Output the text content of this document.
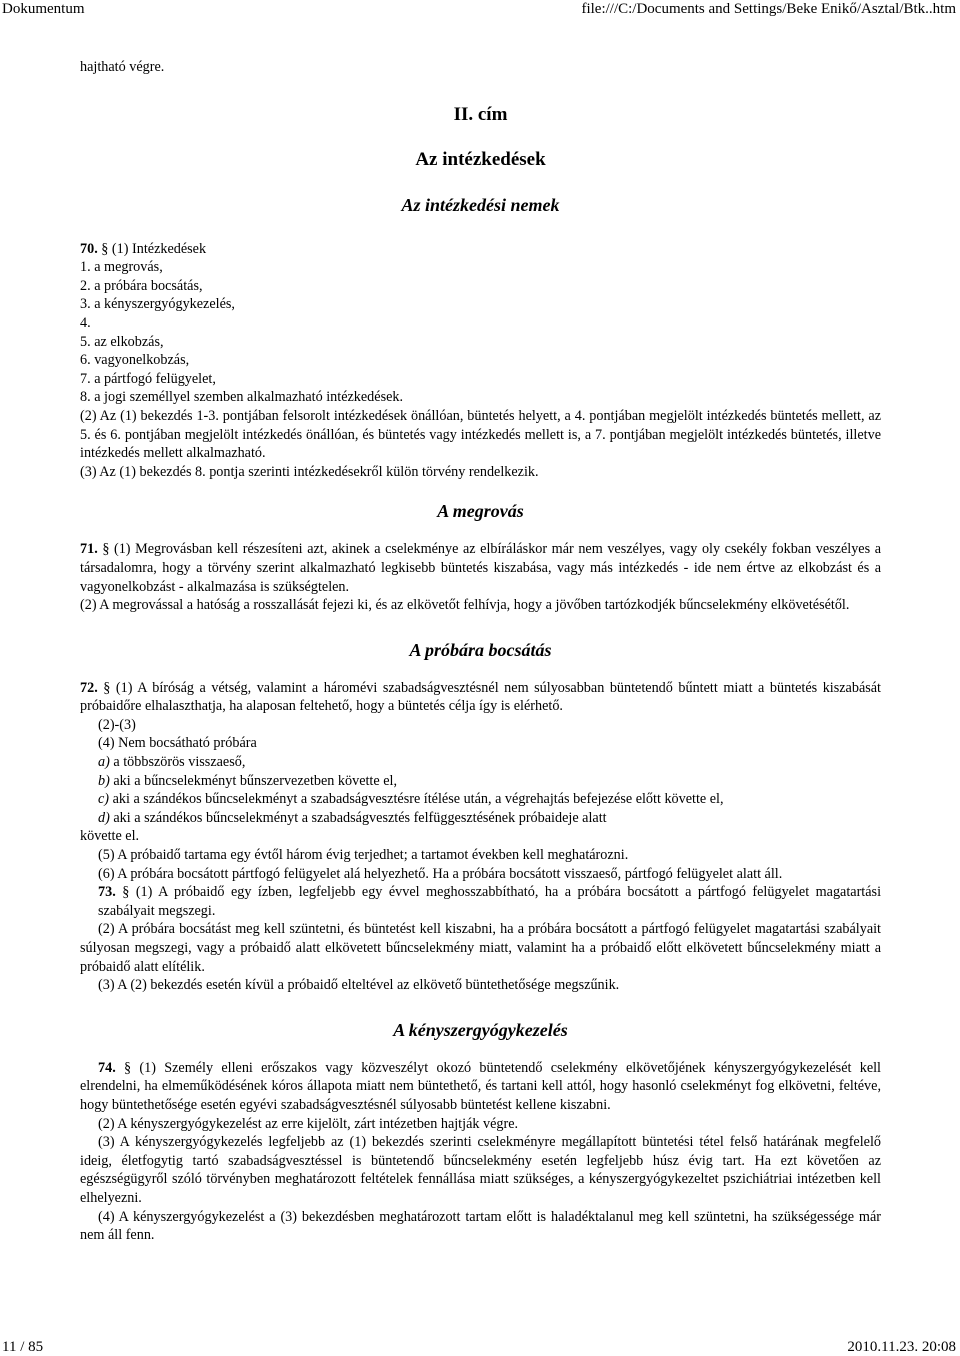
Dokumentum	file:///C:/Documents and Settings/Beke Enikő/Asztal/Btk..htm

hajtható végre.

II. cím

Az intézkedések

Az intézkedési nemek

70. § (1) Intézkedések

1. a megrovás,

2. a próbára bocsátás,

3. a kényszergyógykezelés,

4.

5. az elkobzás,

6. vagyonelkobzás,

7. a pártfogó felügyelet,

8. a jogi személlyel szemben alkalmazható intézkedések.

(2) Az (1) bekezdés 1-3. pontjában felsorolt intézkedések önállóan, büntetés helyett, a 4. pontjában megjelölt intézkedés büntetés mellett, az 5. és 6. pontjában megjelölt intézkedés önállóan, és büntetés vagy intézkedés mellett is, a 7. pontjában megjelölt intézkedés büntetés, illetve intézkedés mellett alkalmazható.

(3) Az (1) bekezdés 8. pontja szerinti intézkedésekről külön törvény rendelkezik.

A megrovás

71. § (1) Megrovásban kell részesíteni azt, akinek a cselekménye az elbíráláskor már nem veszélyes, vagy oly csekély fokban veszélyes a társadalomra, hogy a törvény szerint alkalmazható legkisebb büntetés kiszabása, vagy más intézkedés - ide nem értve az elkobzást és a vagyonelkobzást - alkalmazása is szükségtelen.

(2) A megrovással a hatóság a rosszallását fejezi ki, és az elkövetőt felhívja, hogy a jövőben tartózkodjék bűncselekmény elkövetésétől.

A próbára bocsátás

72. § (1) A bíróság a vétség, valamint a háromévi szabadságvesztésnél nem súlyosabban büntetendő bűntett miatt a büntetés kiszabását próbaidőre elhalaszthatja, ha alaposan feltehető, hogy a büntetés célja így is elérhető.

(2)-(3)

(4) Nem bocsátható próbára

a) a többszörös visszaeső,

b) aki a bűncselekményt bűnszervezetben követte el,

c) aki a szándékos bűncselekményt a szabadságvesztésre ítélése után, a végrehajtás befejezése előtt követte el,

d) aki a szándékos bűncselekményt a szabadságvesztés felfüggesztésének próbaideje alatt

követte el.

(5) A próbaidő tartama egy évtől három évig terjedhet; a tartamot években kell meghatározni.

(6) A próbára bocsátott pártfogó felügyelet alá helyezhető. Ha a próbára bocsátott visszaeső, pártfogó felügyelet alatt áll.

73. § (1) A próbaidő egy ízben, legfeljebb egy évvel meghosszabbítható, ha a próbára bocsátott a pártfogó felügyelet magatartási szabályait megszegi.

(2) A próbára bocsátást meg kell szüntetni, és büntetést kell kiszabni, ha a próbára bocsátott a pártfogó felügyelet magatartási szabályait súlyosan megszegi, vagy a próbaidő alatt elkövetett bűncselekmény miatt, valamint ha a próbaidő előtt elkövetett bűncselekmény miatt a próbaidő alatt elítélik.

(3) A (2) bekezdés esetén kívül a próbaidő elteltével az elkövető büntethetősége megszűnik.

A kényszergyógykezelés

74. § (1) Személy elleni erőszakos vagy közveszélyt okozó büntetendő cselekmény elkövetőjének kényszergyógykezelését kell elrendelni, ha elmeműködésének kóros állapota miatt nem büntethető, és tartani kell attól, hogy hasonló cselekményt fog elkövetni, feltéve, hogy büntethetősége esetén egyévi szabadságvesztésnél súlyosabb büntetést kellene kiszabni.

(2) A kényszergyógykezelést az erre kijelölt, zárt intézetben hajtják végre.

(3) A kényszergyógykezelés legfeljebb az (1) bekezdés szerinti cselekményre megállapított büntetési tétel felső határának megfelelő ideig, életfogytig tartó szabadságvesztéssel is büntetendő bűncselekmény esetén legfeljebb húsz évig tart. Ha ezt követően az egészségügyről szóló törvényben meghatározott feltételek fennállása miatt szükséges, a kényszergyógykezeltet pszichiátriai intézetben kell elhelyezni.

(4) A kényszergyógykezelést a (3) bekezdésben meghatározott tartam előtt is haladéktalanul meg kell szüntetni, ha szükségessége már nem áll fenn.

11 / 85	2010.11.23. 20:08
